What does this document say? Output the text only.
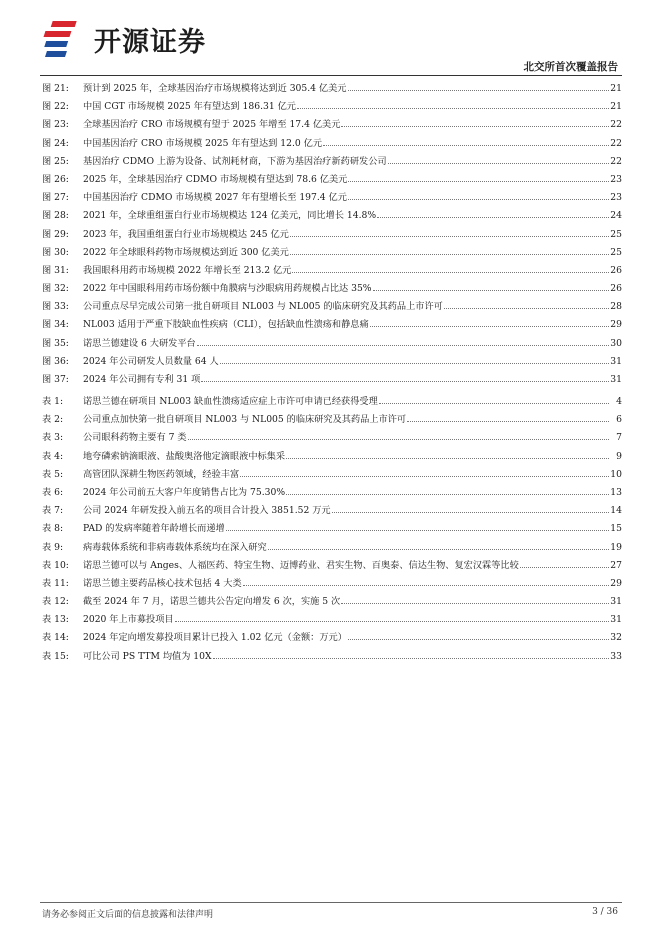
开源证券
北交所首次覆盖报告
图 21:	预计到 2025 年，全球基因治疗市场规模将达到近 305.4 亿美元	21
图 22:	中国 CGT 市场规模 2025 年有望达到 186.31 亿元	21
图 23:	全球基因治疗 CRO 市场规模有望于 2025 年增至 17.4 亿美元	22
图 24:	中国基因治疗 CRO 市场规模 2025 年有望达到 12.0 亿元	22
图 25:	基因治疗 CDMO 上游为设备、试剂耗材商，下游为基因治疗新药研发公司	22
图 26:	2025 年，全球基因治疗 CDMO 市场规模有望达到 78.6 亿美元	23
图 27:	中国基因治疗 CDMO 市场规模 2027 年有望增长至 197.4 亿元	23
图 28:	2021 年，全球重组蛋白行业市场规模达 124 亿美元，同比增长 14.8%	24
图 29:	2023 年，我国重组蛋白行业市场规模达 245 亿元	25
图 30:	2022 年全球眼科药物市场规模达到近 300 亿美元	25
图 31:	我国眼科用药市场规模 2022 年增长至 213.2 亿元	26
图 32:	2022 年中国眼科用药市场份额中角膜病与沙眼病用药规模占比达 35%	26
图 33:	公司重点尽早完成公司第一批自研项目 NL003 与 NL005 的临床研究及其药品上市许可	28
图 34:	NL003 适用于严重下肢缺血性疾病（CLI），包括缺血性溃疡和静息痛	29
图 35:	诺思兰德建设 6 大研发平台	30
图 36:	2024 年公司研发人员数量 64 人	31
图 37:	2024 年公司拥有专利 31 项	31
表 1:	诺思兰德在研项目 NL003 缺血性溃疡适应症上市许可申请已经获得受理	4
表 2:	公司重点加快第一批自研项目 NL003 与 NL005 的临床研究及其药品上市许可	6
表 3:	公司眼科药物主要有 7 类	7
表 4:	地夸磷索钠滴眼液、盐酸奥洛他定滴眼液中标集采	9
表 5:	高管团队深耕生物医药领域，经验丰富	10
表 6:	2024 年公司前五大客户年度销售占比为 75.30%	13
表 7:	公司 2024 年研发投入前五名的项目合计投入 3851.52 万元	14
表 8:	PAD 的发病率随着年龄增长而递增	15
表 9:	病毒载体系统和非病毒载体系统均在深入研究	19
表 10:	诺思兰德可以与 Anges、人福医药、特宝生物、迈博药业、君实生物、百奥泰、信达生物、复宏汉霖等比较	27
表 11:	诺思兰德主要药品核心技术包括 4 大类	29
表 12:	截至 2024 年 7 月，诺思兰德共公告定向增发 6 次，实施 5 次	31
表 13:	2020 年上市募投项目	31
表 14:	2024 年定向增发募投项目累计已投入 1.02 亿元（金额：万元）	32
表 15:	可比公司 PS TTM 均值为 10X	33
请务必参阅正文后面的信息披露和法律声明	3 / 36
